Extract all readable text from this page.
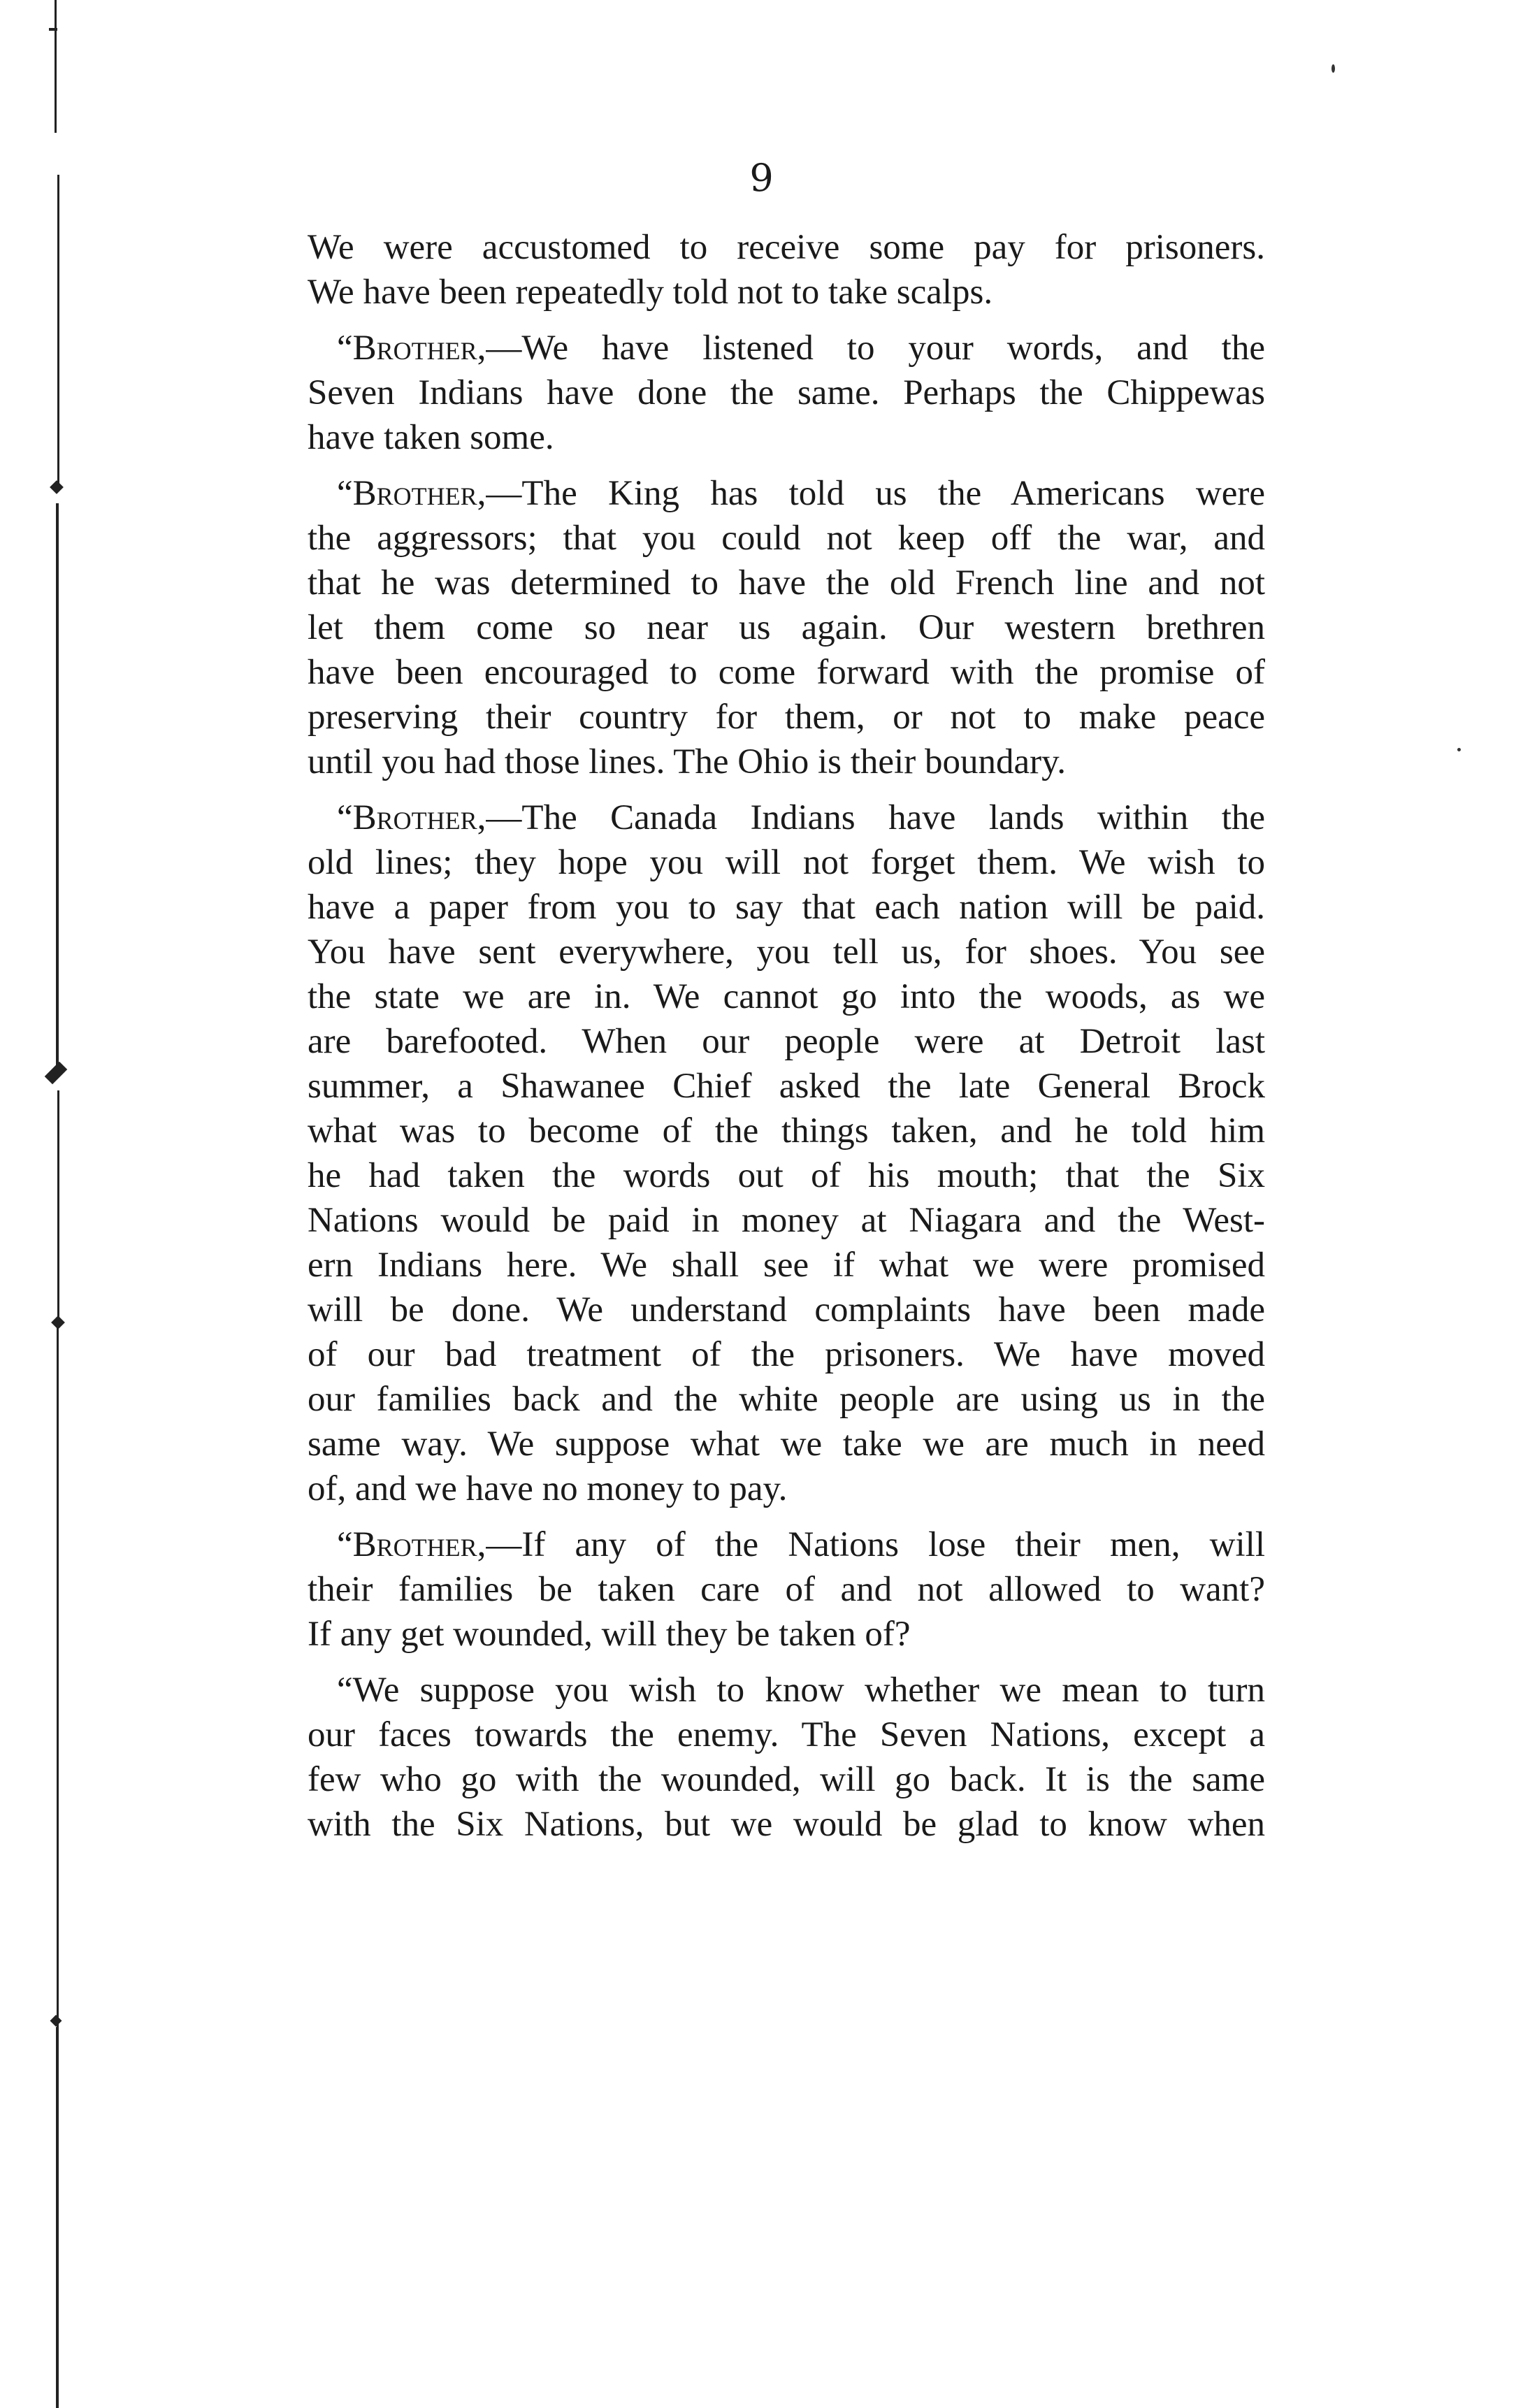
9
We were accustomed to receive some pay for prisoners.
We have been repeatedly told not to take scalps.
“Brother,—We have listened to your words, and the
Seven Indians have done the same. Perhaps the Chippewas
have taken some.
“Brother,—The King has told us the Americans were
the aggressors; that you could not keep off the war, and
that he was determined to have the old French line and not
let them come so near us again. Our western brethren
have been encouraged to come forward with the promise of
preserving their country for them, or not to make peace
until you had those lines. The Ohio is their boundary.
“Brother,—The Canada Indians have lands within the
old lines; they hope you will not forget them. We wish to
have a paper from you to say that each nation will be paid.
You have sent everywhere, you tell us, for shoes. You see
the state we are in. We cannot go into the woods, as we
are barefooted. When our people were at Detroit last
summer, a Shawanee Chief asked the late General Brock
what was to become of the things taken, and he told him
he had taken the words out of his mouth; that the Six
Nations would be paid in money at Niagara and the West-
ern Indians here. We shall see if what we were promised
will be done. We understand complaints have been made
of our bad treatment of the prisoners. We have moved
our families back and the white people are using us in the
same way. We suppose what we take we are much in need
of, and we have no money to pay.
“Brother,—If any of the Nations lose their men, will
their families be taken care of and not allowed to want?
If any get wounded, will they be taken of?
“We suppose you wish to know whether we mean to turn
our faces towards the enemy. The Seven Nations, except a
few who go with the wounded, will go back. It is the same
with the Six Nations, but we would be glad to know when
